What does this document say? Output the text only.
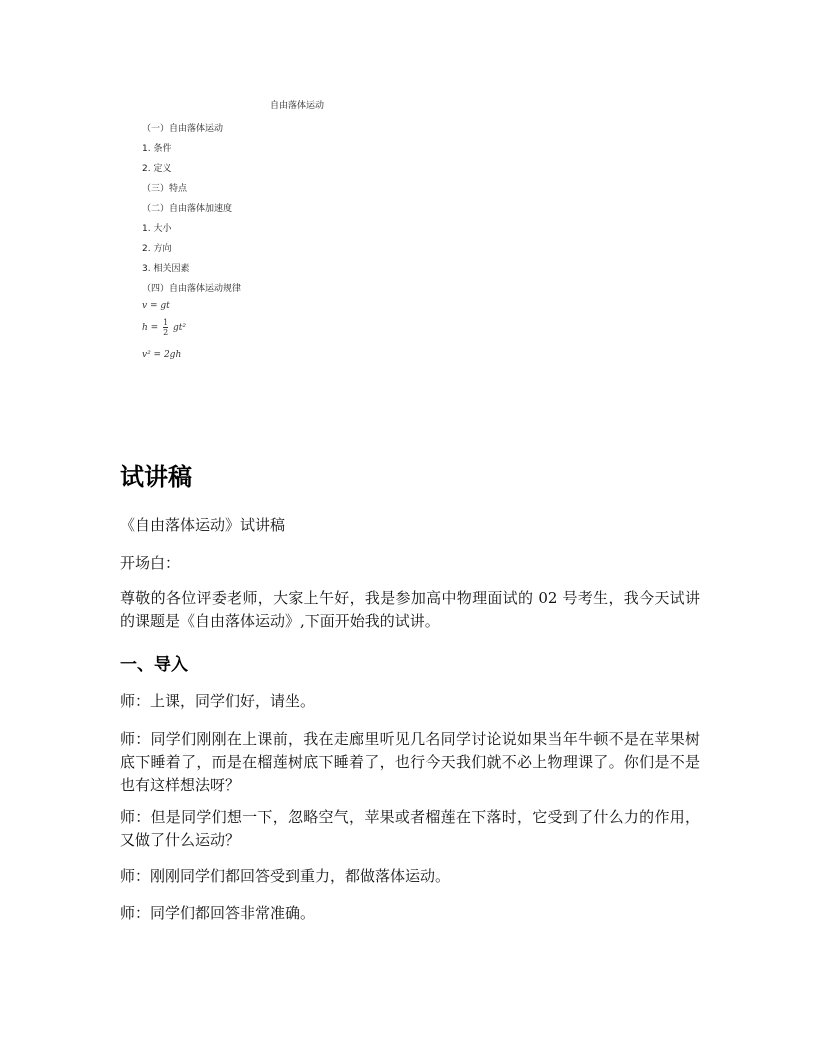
自由落体运动
（一）自由落体运动
1. 条件
2. 定义
（三）特点
（二）自由落体加速度
1. 大小
2. 方向
3. 相关因素
（四）自由落体运动规律
v = gt
$h = \frac{1}{2} gt^2$
v² = 2gh
试讲稿
《自由落体运动》试讲稿
开场白：
尊敬的各位评委老师，大家上午好，我是参加高中物理面试的 02 号考生，我今天试讲的课题是《自由落体运动》,下面开始我的试讲。
一、导入
师：上课，同学们好，请坐。
师：同学们刚刚在上课前，我在走廊里听见几名同学讨论说如果当年牛顿不是在苹果树底下睡着了，而是在榴莲树底下睡着了，也行今天我们就不必上物理课了。你们是不是也有这样想法呀？
师：但是同学们想一下，忽略空气，苹果或者榴莲在下落时，它受到了什么力的作用，又做了什么运动？
师：刚刚同学们都回答受到重力，都做落体运动。
师：同学们都回答非常准确。
